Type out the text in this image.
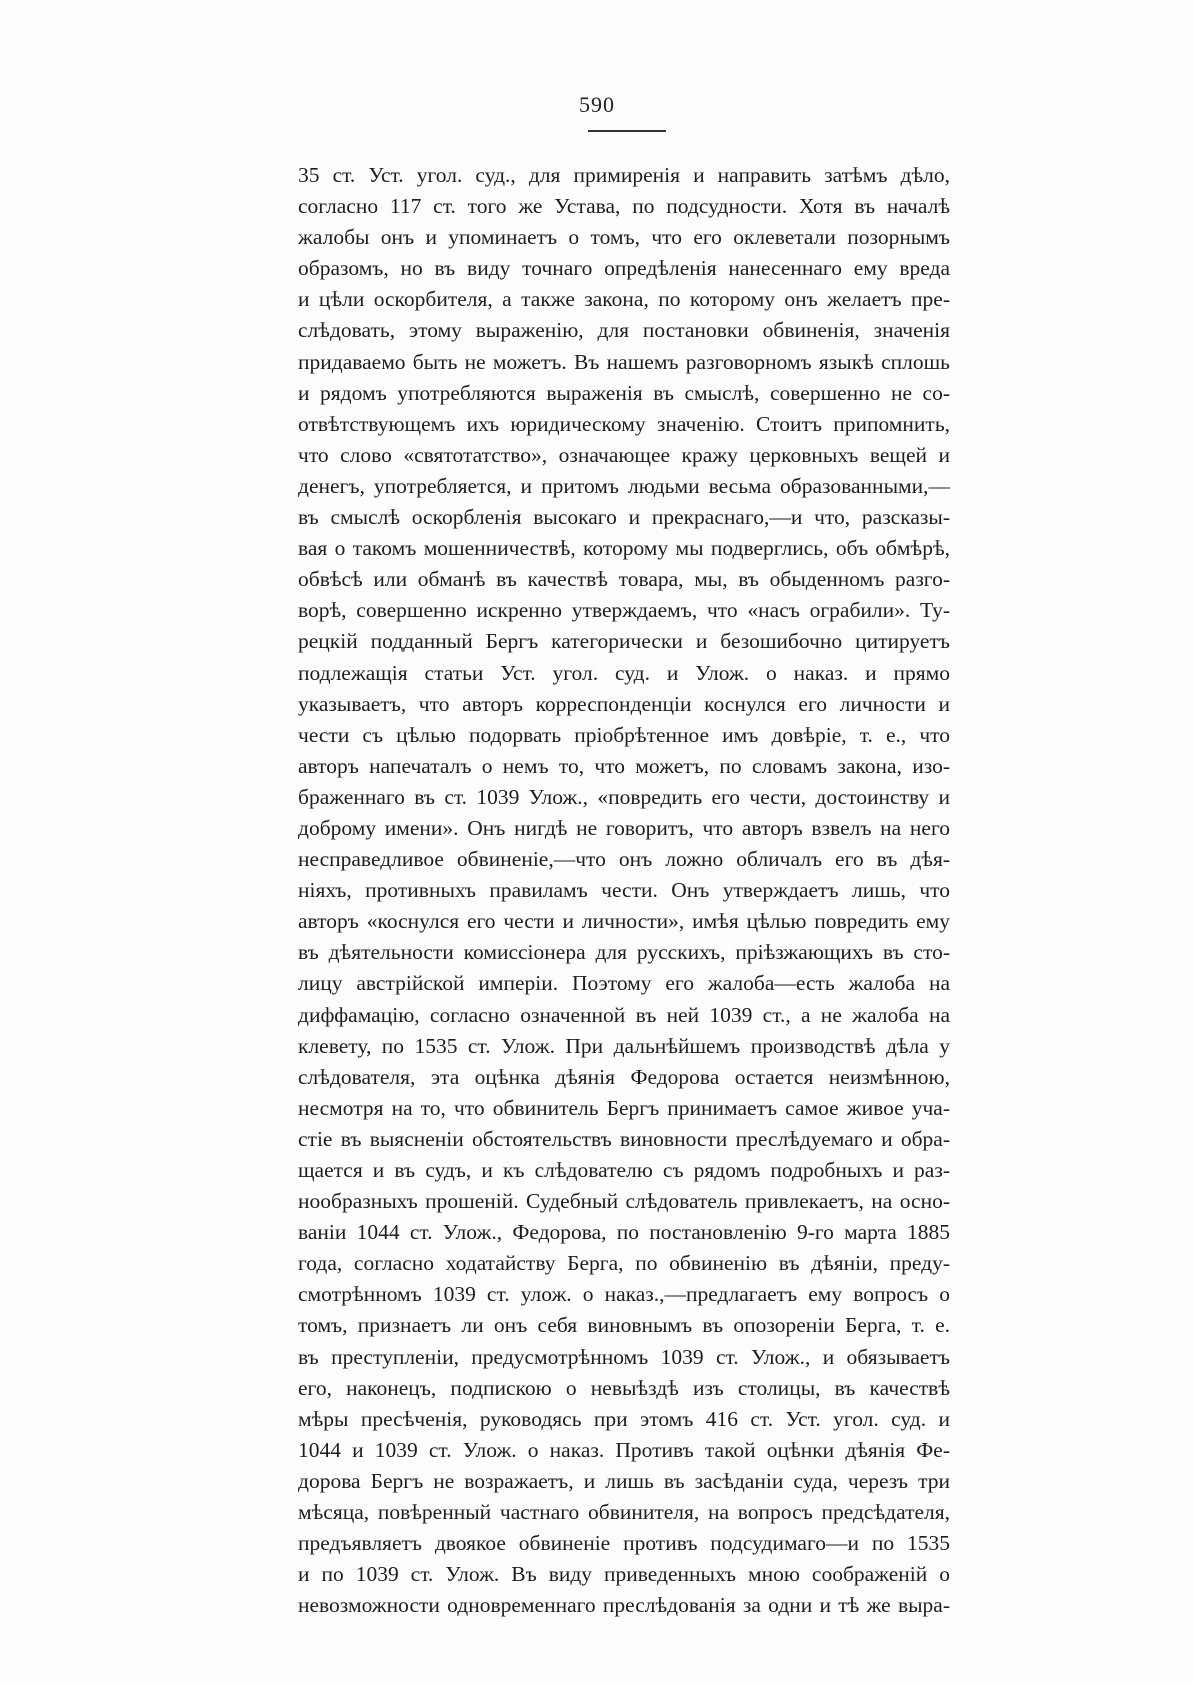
590
35 ст. Уст. угол. суд., для примиренія и направить затѣмъ дѣло,
согласно 117 ст. того же Устава, по подсудности. Хотя въ началѣ
жалобы онъ и упоминаетъ о томъ, что его оклеветали позорнымъ
образомъ, но въ виду точнаго опредѣленія нанесеннаго ему вреда
и цѣли оскорбителя, а также закона, по которому онъ желаетъ пре-
слѣдовать, этому выраженію, для постановки обвиненія, значенія
придаваемо быть не можетъ. Въ нашемъ разговорномъ языкѣ сплошь
и рядомъ употребляются выраженія въ смыслѣ, совершенно не со-
отвѣтствующемъ ихъ юридическому значенію. Стоитъ припомнить,
что слово «святотатство», означающее кражу церковныхъ вещей и
денегъ, употребляется, и притомъ людьми весьма образованными,—
въ смыслѣ оскорбленія высокаго и прекраснаго,—и что, разсказы-
вая о такомъ мошенничествѣ, которому мы подверглись, объ обмѣрѣ,
обвѣсѣ или обманѣ въ качествѣ товара, мы, въ обыденномъ разго-
ворѣ, совершенно искренно утверждаемъ, что «насъ ограбили». Ту-
рецкій подданный Бергъ категорически и безошибочно цитируетъ
подлежащія статьи Уст. угол. суд. и Улож. о наказ. и прямо
указываетъ, что авторъ корреспонденціи коснулся его личности и
чести съ цѣлью подорвать пріобрѣтенное имъ довѣріе, т. е., что
авторъ напечаталъ о немъ то, что можетъ, по словамъ закона, изо-
браженнаго въ ст. 1039 Улож., «повредить его чести, достоинству и
доброму имени». Онъ нигдѣ не говоритъ, что авторъ взвелъ на него
несправедливое обвиненіе,—что онъ ложно обличалъ его въ дѣя-
ніяхъ, противныхъ правиламъ чести. Онъ утверждаетъ лишь, что
авторъ «коснулся его чести и личности», имѣя цѣлью повредить ему
въ дѣятельности комиссіонера для русскихъ, пріѣзжающихъ въ сто-
лицу австрійской имперіи. Поэтому его жалоба—есть жалоба на
диффамацію, согласно означенной въ ней 1039 ст., а не жалоба на
клевету, по 1535 ст. Улож. При дальнѣйшемъ производствѣ дѣла у
слѣдователя, эта оцѣнка дѣянія Федорова остается неизмѣнною,
несмотря на то, что обвинитель Бергъ принимаетъ самое живое уча-
стіе въ выясненіи обстоятельствъ виновности преслѣдуемаго и обра-
щается и въ судъ, и къ слѣдователю съ рядомъ подробныхъ и раз-
нообразныхъ прошеній. Судебный слѣдователь привлекаетъ, на осно-
ваніи 1044 ст. Улож., Федорова, по постановленію 9-го марта 1885
года, согласно ходатайству Берга, по обвиненію въ дѣяніи, преду-
смотрѣнномъ 1039 ст. улож. о наказ.,—предлагаетъ ему вопросъ о
томъ, признаетъ ли онъ себя виновнымъ въ опозореніи Берга, т. е.
въ преступленіи, предусмотрѣнномъ 1039 ст. Улож., и обязываетъ
его, наконецъ, подпискою о невыѣздѣ изъ столицы, въ качествѣ
мѣры пресѣченія, руководясь при этомъ 416 ст. Уст. угол. суд. и
1044 и 1039 ст. Улож. о наказ. Противъ такой оцѣнки дѣянія Фе-
дорова Бергъ не возражаетъ, и лишь въ засѣданіи суда, черезъ три
мѣсяца, повѣренный частнаго обвинителя, на вопросъ предсѣдателя,
предъявляетъ двоякое обвиненіе противъ подсудимаго—и по 1535
и по 1039 ст. Улож. Въ виду приведенныхъ мною соображеній о
невозможности одновременнаго преслѣдованія за одни и тѣ же выра-
